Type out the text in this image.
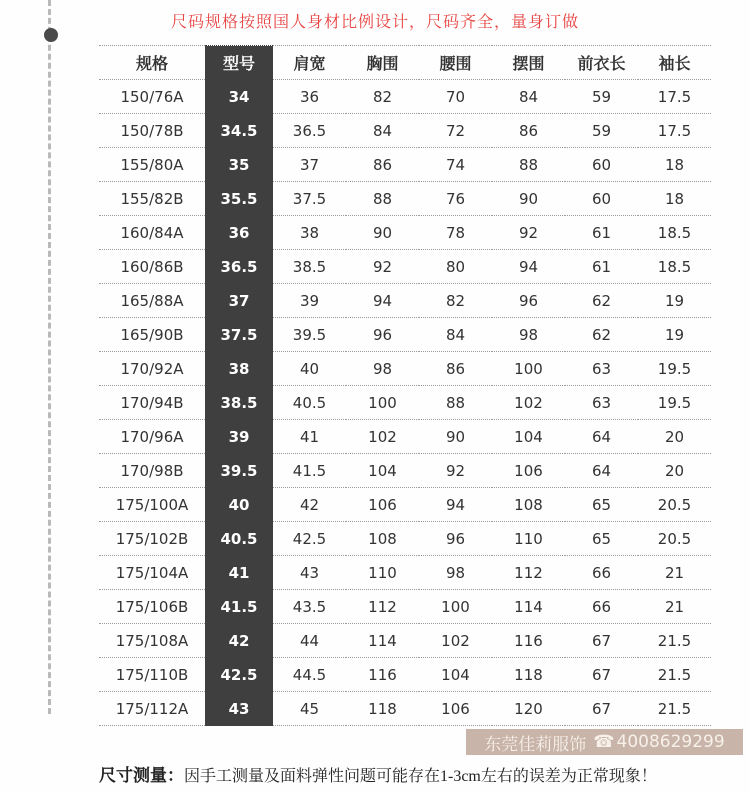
尺码规格按照国人身材比例设计，尺码齐全，量身订做
规格	型号	肩宽	胸围	腰围	摆围	前衣长	袖长
150/76A	34	36	82	70	84	59	17.5
150/78B	34.5	36.5	84	72	86	59	17.5
155/80A	35	37	86	74	88	60	18
155/82B	35.5	37.5	88	76	90	60	18
160/84A	36	38	90	78	92	61	18.5
160/86B	36.5	38.5	92	80	94	61	18.5
165/88A	37	39	94	82	96	62	19
165/90B	37.5	39.5	96	84	98	62	19
170/92A	38	40	98	86	100	63	19.5
170/94B	38.5	40.5	100	88	102	63	19.5
170/96A	39	41	102	90	104	64	20
170/98B	39.5	41.5	104	92	106	64	20
175/100A	40	42	106	94	108	65	20.5
175/102B	40.5	42.5	108	96	110	65	20.5
175/104A	41	43	110	98	112	66	21
175/106B	41.5	43.5	112	100	114	66	21
175/108A	42	44	114	102	116	67	21.5
175/110B	42.5	44.5	116	104	118	67	21.5
175/112A	43	45	118	106	120	67	21.5
东莞佳莉服饰 ☎ 4008629299
尺寸测量：因手工测量及面料弹性问题可能存在1-3cm左右的误差为正常现象！
